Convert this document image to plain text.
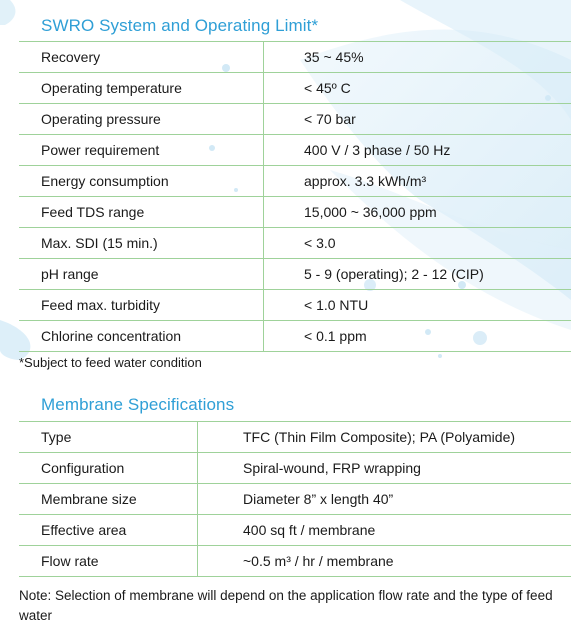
SWRO System and Operating Limit*
Recovery	35 ~ 45%
Operating temperature	< 45º C
Operating pressure	< 70 bar
Power requirement	400 V / 3 phase / 50 Hz
Energy consumption	approx. 3.3 kWh/m³
Feed TDS range	15,000 ~ 36,000 ppm
Max. SDI (15 min.)	< 3.0
pH range	5 - 9 (operating); 2 - 12 (CIP)
Feed max. turbidity	< 1.0 NTU
Chlorine concentration	< 0.1 ppm
*Subject to feed water condition
Membrane Specifications
Type	TFC (Thin Film Composite); PA (Polyamide)
Configuration	Spiral-wound, FRP wrapping
Membrane size	Diameter 8” x length 40”
Effective area	400 sq ft / membrane
Flow rate	~0.5 m³ / hr / membrane
Note: Selection of membrane will depend on the application flow rate and the type of feed water
